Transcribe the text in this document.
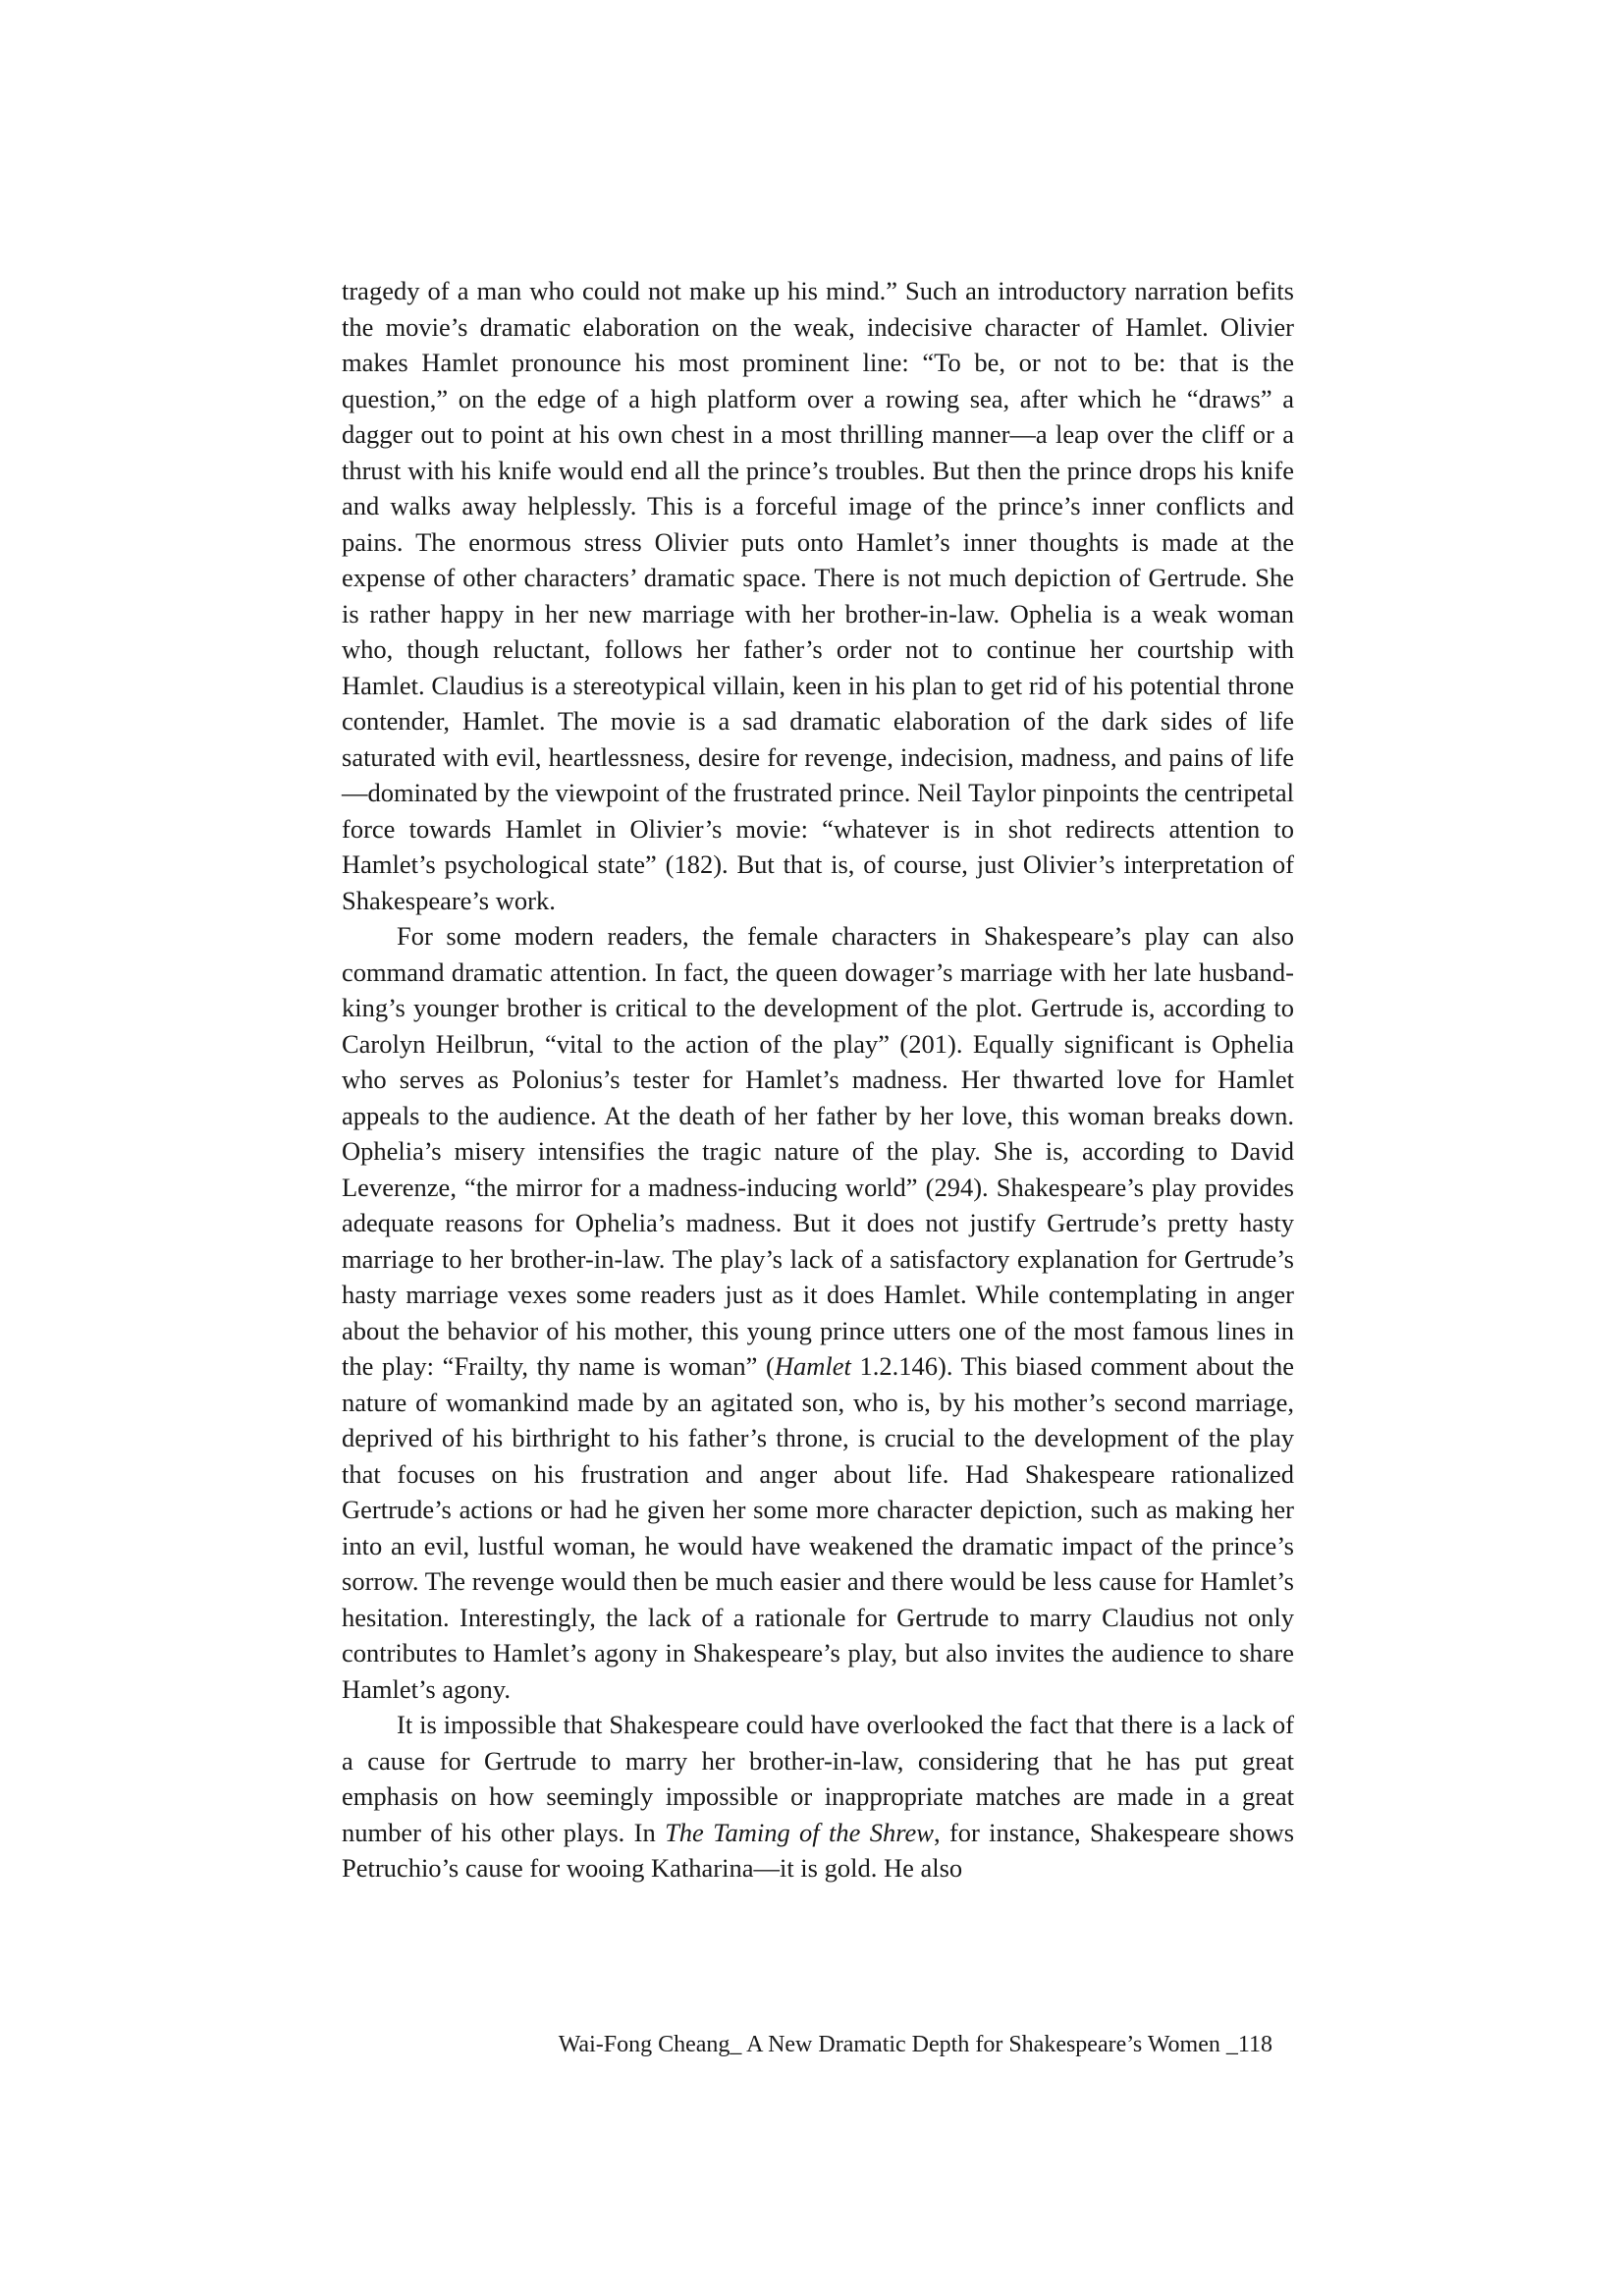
tragedy of a man who could not make up his mind.” Such an introductory narration befits the movie’s dramatic elaboration on the weak, indecisive character of Hamlet. Olivier makes Hamlet pronounce his most prominent line: “To be, or not to be: that is the question,” on the edge of a high platform over a rowing sea, after which he “draws” a dagger out to point at his own chest in a most thrilling manner—a leap over the cliff or a thrust with his knife would end all the prince’s troubles. But then the prince drops his knife and walks away helplessly. This is a forceful image of the prince’s inner conflicts and pains. The enormous stress Olivier puts onto Hamlet’s inner thoughts is made at the expense of other characters’ dramatic space. There is not much depiction of Gertrude. She is rather happy in her new marriage with her brother-in-law. Ophelia is a weak woman who, though reluctant, follows her father’s order not to continue her courtship with Hamlet. Claudius is a stereotypical villain, keen in his plan to get rid of his potential throne contender, Hamlet. The movie is a sad dramatic elaboration of the dark sides of life saturated with evil, heartlessness, desire for revenge, indecision, madness, and pains of life—dominated by the viewpoint of the frustrated prince. Neil Taylor pinpoints the centripetal force towards Hamlet in Olivier’s movie: “whatever is in shot redirects attention to Hamlet’s psychological state” (182). But that is, of course, just Olivier’s interpretation of Shakespeare’s work.

For some modern readers, the female characters in Shakespeare’s play can also command dramatic attention. In fact, the queen dowager’s marriage with her late husband-king’s younger brother is critical to the development of the plot. Gertrude is, according to Carolyn Heilbrun, “vital to the action of the play” (201). Equally significant is Ophelia who serves as Polonius’s tester for Hamlet’s madness. Her thwarted love for Hamlet appeals to the audience. At the death of her father by her love, this woman breaks down. Ophelia’s misery intensifies the tragic nature of the play. She is, according to David Leverenze, “the mirror for a madness-inducing world” (294). Shakespeare’s play provides adequate reasons for Ophelia’s madness. But it does not justify Gertrude’s pretty hasty marriage to her brother-in-law. The play’s lack of a satisfactory explanation for Gertrude’s hasty marriage vexes some readers just as it does Hamlet. While contemplating in anger about the behavior of his mother, this young prince utters one of the most famous lines in the play: “Frailty, thy name is woman” (Hamlet 1.2.146). This biased comment about the nature of womankind made by an agitated son, who is, by his mother’s second marriage, deprived of his birthright to his father’s throne, is crucial to the development of the play that focuses on his frustration and anger about life. Had Shakespeare rationalized Gertrude’s actions or had he given her some more character depiction, such as making her into an evil, lustful woman, he would have weakened the dramatic impact of the prince’s sorrow. The revenge would then be much easier and there would be less cause for Hamlet’s hesitation. Interestingly, the lack of a rationale for Gertrude to marry Claudius not only contributes to Hamlet’s agony in Shakespeare’s play, but also invites the audience to share Hamlet’s agony.

It is impossible that Shakespeare could have overlooked the fact that there is a lack of a cause for Gertrude to marry her brother-in-law, considering that he has put great emphasis on how seemingly impossible or inappropriate matches are made in a great number of his other plays. In The Taming of the Shrew, for instance, Shakespeare shows Petruchio’s cause for wooing Katharina—it is gold. He also

Wai-Fong Cheang_ A New Dramatic Depth for Shakespeare’s Women _118
